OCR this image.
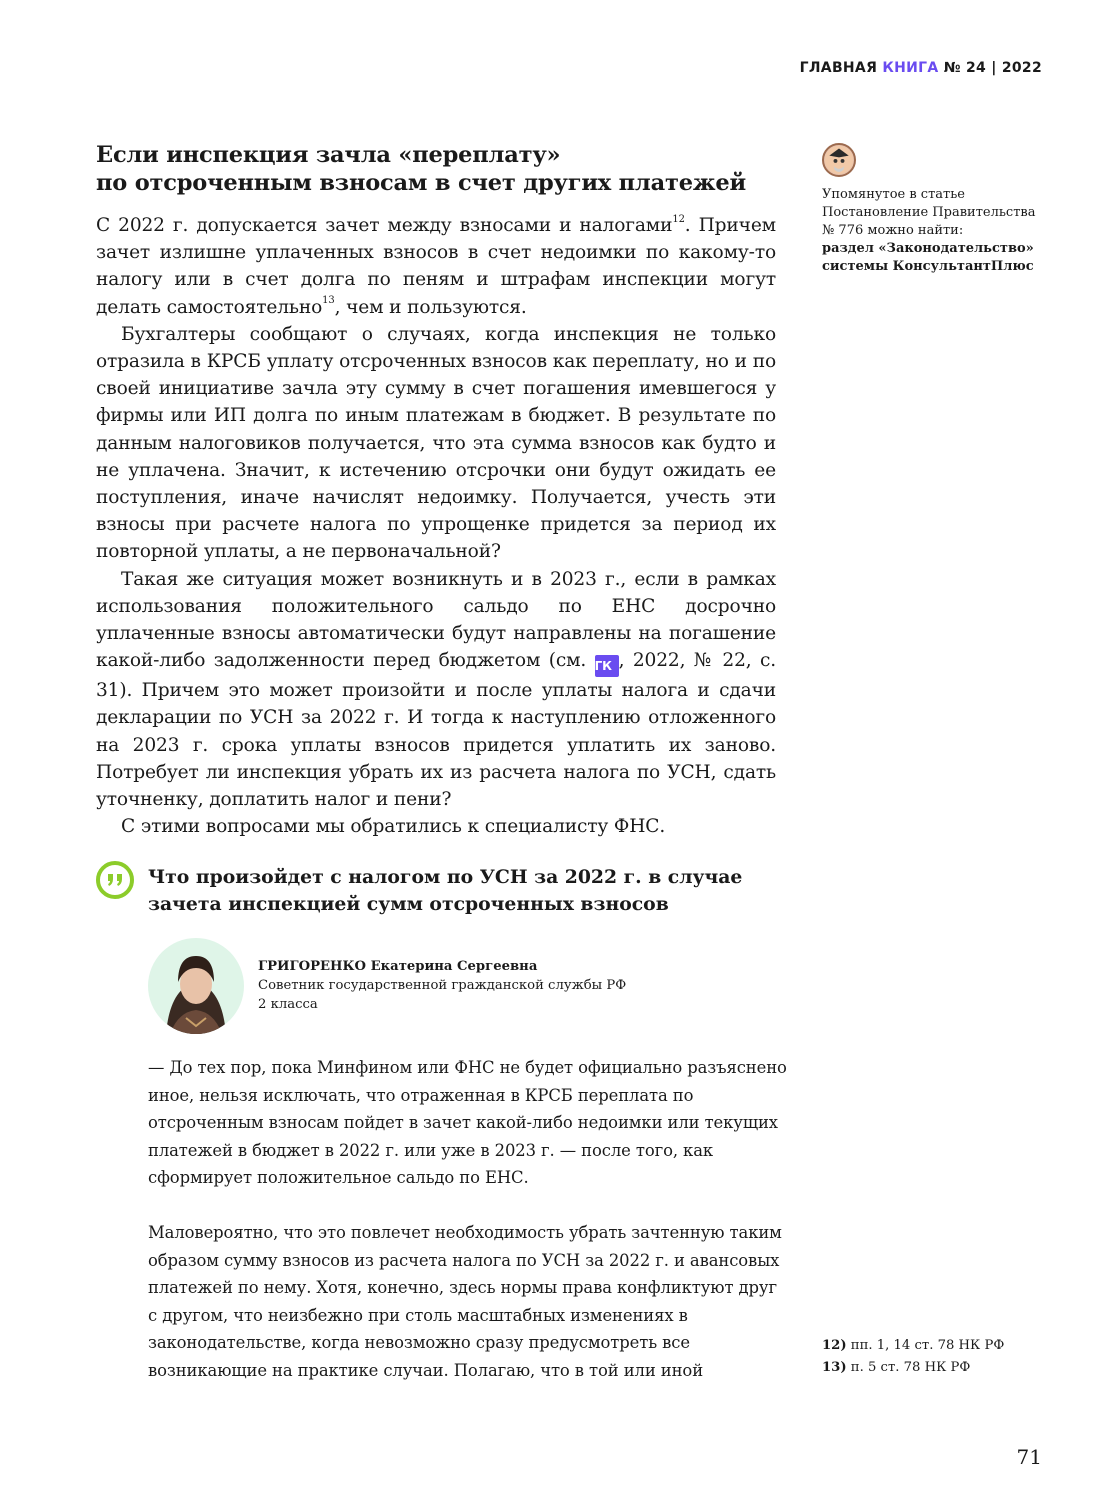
ГЛАВНАЯ КНИГА № 24 | 2022
Если инспекция зачла «переплату»
по отсроченным взносам в счет других платежей

С 2022 г. допускается зачет между взносами и налогами$^{12}$. Причем зачет излишне уплаченных взносов в счет недоимки по какому-то налогу или в счет долга по пеням и штрафам инспекции могут делать самостоятельно$^{13}$, чем и пользуются.

Бухгалтеры сообщают о случаях, когда инспекция не только отразила в КРСБ уплату отсроченных взносов как переплату, но и по своей инициативе зачла эту сумму в счет погашения имевшегося у фирмы или ИП долга по иным платежам в бюджет. В результате по данным налоговиков получается, что эта сумма взносов как будто и не уплачена. Значит, к истечению отсрочки они будут ожидать ее поступления, иначе начислят недоимку. Получается, учесть эти взносы при расчете налога по упрощенке придется за период их повторной уплаты, а не первоначальной?

Такая же ситуация может возникнуть и в 2023 г., если в рамках использования положительного сальдо по ЕНС досрочно уплаченные взносы автоматически будут направлены на погашение какой-либо задолженности перед бюджетом (см. ГК , 2022, № 22, с. 31). Причем это может произойти и после уплаты налога и сдачи декларации по УСН за 2022 г. И тогда к наступлению отложенного на 2023 г. срока уплаты взносов придется уплатить их заново. Потребует ли инспекция убрать их из расчета налога по УСН, сдать уточненку, доплатить налог и пени?

С этими вопросами мы обратились к специалисту ФНС.

Упомянутое в статье
Постановление Правительства
№ 776 можно найти:
раздел «Законодательство»
системы КонсультантПлюс
Что произойдет с налогом по УСН за 2022 г. в случае
зачета инспекцией сумм отсроченных взносов
ГРИГОРЕНКО Екатерина Сергеевна
Советник государственной гражданской службы РФ
2 класса

— До тех пор, пока Минфином или ФНС не будет официально разъяснено иное, нельзя исключать, что отраженная в КРСБ переплата по отсроченным взносам пойдет в зачет какой-либо недоимки или текущих платежей в бюджет в 2022 г. или уже в 2023 г. — после того, как сформирует положительное сальдо по ЕНС.

Маловероятно, что это повлечет необходимость убрать зачтенную таким образом сумму взносов из расчета налога по УСН за 2022 г. и авансовых платежей по нему. Хотя, конечно, здесь нормы права конфликтуют друг с другом, что неизбежно при столь масштабных изменениях в законодательстве, когда невозможно сразу предусмотреть все возникающие на практике случаи. Полагаю, что в той или иной

12) пп. 1, 14 ст. 78 НК РФ
13) п. 5 ст. 78 НК РФ
71
